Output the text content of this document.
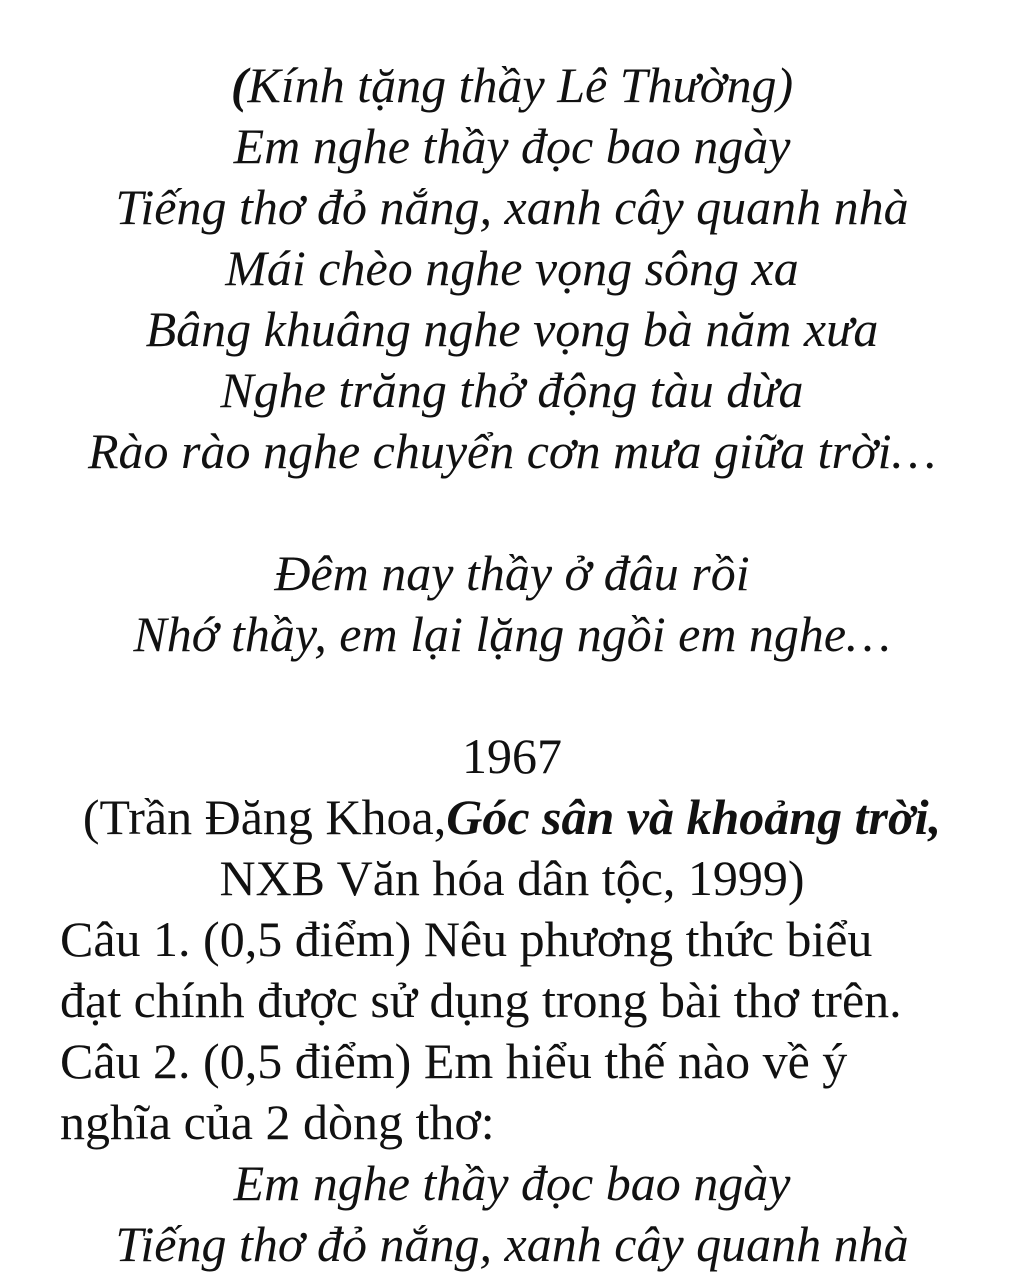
(Kính tặng thầy Lê Thường)

Em nghe thầy đọc bao ngày

Tiếng thơ đỏ nắng, xanh cây quanh nhà

Mái chèo nghe vọng sông xa

Bâng khuâng nghe vọng bà năm xưa

Nghe trăng thở động tàu dừa

Rào rào nghe chuyển cơn mưa giữa trời…

Đêm nay thầy ở đâu rồi

Nhớ thầy, em lại lặng ngồi em nghe…

1967

(Trần Đăng Khoa,Góc sân và khoảng trời,

NXB Văn hóa dân tộc, 1999)

Câu 1. (0,5 điểm) Nêu phương thức biểu

đạt chính được sử dụng trong bài thơ trên.

Câu 2. (0,5 điểm) Em hiểu thế nào về ý

nghĩa của 2 dòng thơ:

Em nghe thầy đọc bao ngày

Tiếng thơ đỏ nắng, xanh cây quanh nhà
